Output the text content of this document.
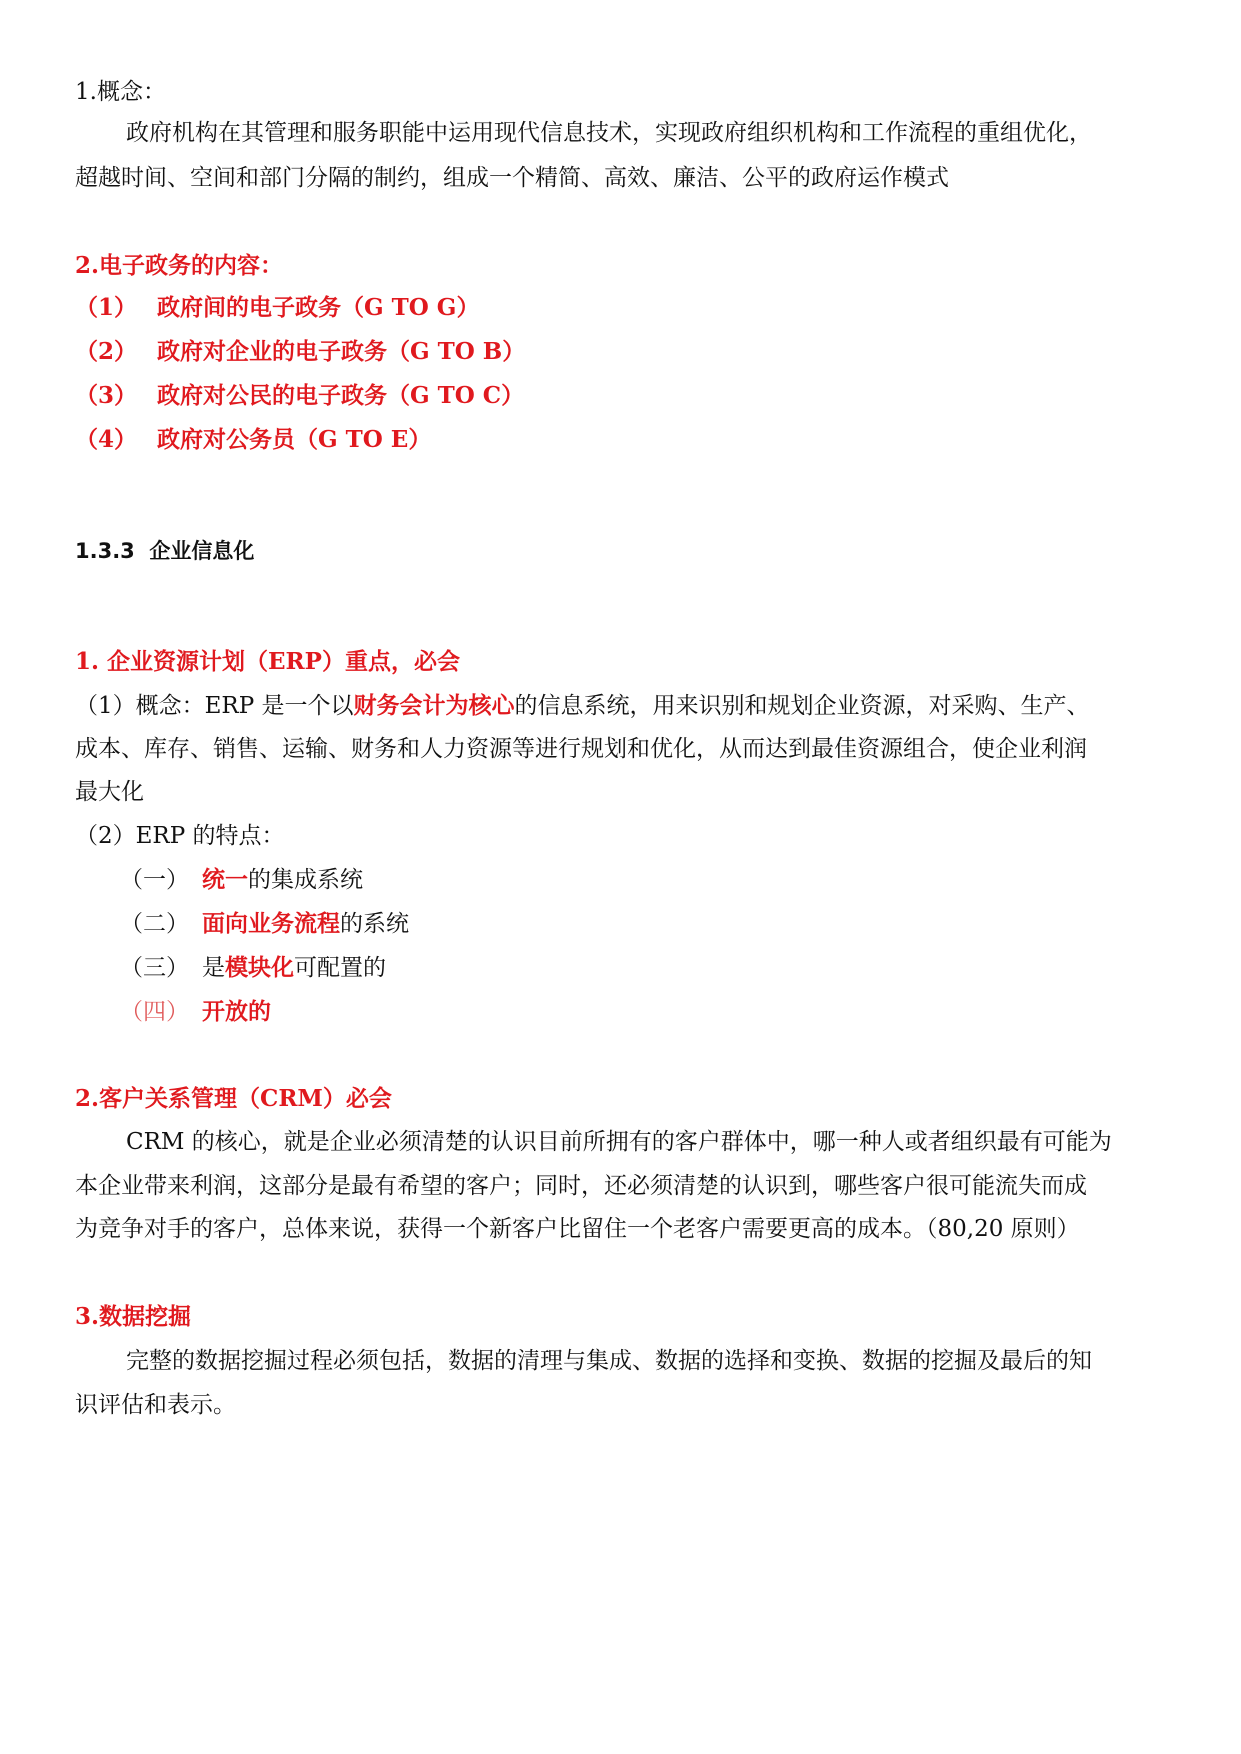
1.概念：
政府机构在其管理和服务职能中运用现代信息技术，实现政府组织机构和工作流程的重组优化，
超越时间、空间和部门分隔的制约，组成一个精简、高效、廉洁、公平的政府运作模式
2.电子政务的内容：
（1） 政府间的电子政务（G TO G）
（2） 政府对企业的电子政务（G TO B）
（3） 政府对公民的电子政务（G TO C）
（4） 政府对公务员（G TO E）
1.3.3 企业信息化
1. 企业资源计划（ERP）重点，必会
（1）概念：ERP 是一个以财务会计为核心的信息系统，用来识别和规划企业资源，对采购、生产、
成本、库存、销售、运输、财务和人力资源等进行规划和优化，从而达到最佳资源组合，使企业利润
最大化
（2）ERP 的特点：
（一） 统一的集成系统
（二） 面向业务流程的系统
（三） 是模块化可配置的
（四） 开放的
2.客户关系管理（CRM）必会
CRM 的核心，就是企业必须清楚的认识目前所拥有的客户群体中，哪一种人或者组织最有可能为
本企业带来利润，这部分是最有希望的客户；同时，还必须清楚的认识到，哪些客户很可能流失而成
为竞争对手的客户，总体来说，获得一个新客户比留住一个老客户需要更高的成本。（80,20 原则）
3.数据挖掘
完整的数据挖掘过程必须包括，数据的清理与集成、数据的选择和变换、数据的挖掘及最后的知
识评估和表示。
